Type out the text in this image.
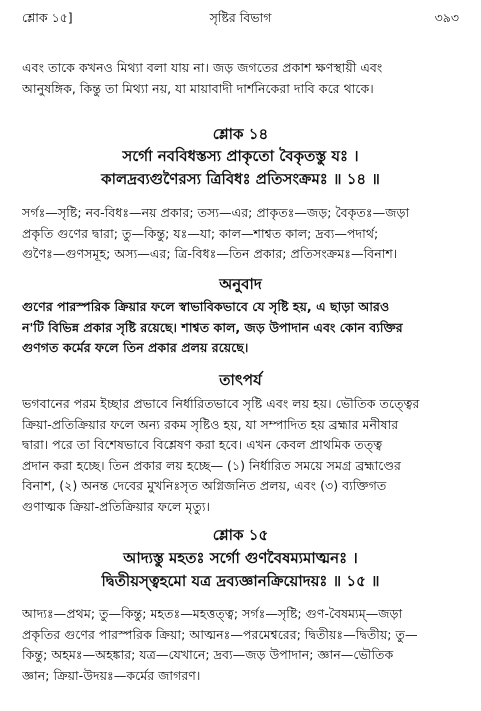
শ্লোক ১৫]	সৃষ্টির বিভাগ	৩৯৩
এবং তাকে কখনও মিথ্যা বলা যায় না। জড় জগতের প্রকাশ ক্ষণস্থায়ী এবং
আনুষঙ্গিক, কিন্তু তা মিথ্যা নয়, যা মায়াবাদী দার্শনিকেরা দাবি করে থাকে।
শ্লোক ১৪
সর্গো নববিধস্তস্য প্রাকৃতো বৈকৃতস্তু যঃ ।
কালদ্রব্যগুণৈরস্য ত্রিবিধঃ প্রতিসংক্রমঃ ॥ ১৪ ॥
সর্গঃ—সৃষ্টি; নব-বিধঃ—নয় প্রকার; তস্য—এর; প্রাকৃতঃ—জড়; বৈকৃতঃ—জড়া
প্রকৃতি গুণের দ্বারা; তু—কিন্তু; যঃ—যা; কাল—শাশ্বত কাল; দ্রব্য—পদার্থ;
গুণৈঃ—গুণসমূহ; অস্য—এর; ত্রি-বিধঃ—তিন প্রকার; প্রতিসংক্রমঃ—বিনাশ।
অনুবাদ
গুণের পারস্পরিক ক্রিয়ার ফলে স্বাভাবিকভাবে যে সৃষ্টি হয়, এ ছাড়া আরও
ন'টি বিভিন্ন প্রকার সৃষ্টি রয়েছে। শাশ্বত কাল, জড় উপাদান এবং কোন ব্যক্তির
গুণগত কর্মের ফলে তিন প্রকার প্রলয় রয়েছে।
তাৎপর্য
ভগবানের পরম ইচ্ছার প্রভাবে নির্ধারিতভাবে সৃষ্টি এবং লয় হয়। ভৌতিক তত্ত্বের
ক্রিয়া-প্রতিক্রিয়ার ফলে অন্য রকম সৃষ্টিও হয়, যা সম্পাদিত হয় ব্রহ্মার মনীষার
দ্বারা। পরে তা বিশেষভাবে বিশ্লেষণ করা হবে। এখন কেবল প্রাথমিক তত্ত্ব
প্রদান করা হচ্ছে। তিন প্রকার লয় হচ্ছে— (১) নির্ধারিত সময়ে সমগ্র ব্রহ্মাণ্ডের
বিনাশ, (২) অনন্ত দেবের মুখনিঃসৃত অগ্নিজনিত প্রলয়, এবং (৩) ব্যক্তিগত
গুণাত্মক ক্রিয়া-প্রতিক্রিয়ার ফলে মৃত্যু।
শ্লোক ১৫
আদ্যস্তু মহতঃ সর্গো গুণবৈষম্যমাত্মনঃ ।
দ্বিতীয়স্ত্বহমো যত্র দ্রব্যজ্ঞানক্রিয়োদয়ঃ ॥ ১৫ ॥
আদ্যঃ—প্রথম; তু—কিন্তু; মহতঃ—মহত্তত্ত্ব; সর্গঃ—সৃষ্টি; গুণ-বৈষম্যম্—জড়া
প্রকৃতির গুণের পারস্পরিক ক্রিয়া; আত্মনঃ—পরমেশ্বরের; দ্বিতীয়ঃ—দ্বিতীয়; তু—
কিন্তু; অহমঃ—অহঙ্কার; যত্র—যেখানে; দ্রব্য—জড় উপাদান; জ্ঞান—ভৌতিক
জ্ঞান; ক্রিয়া-উদয়ঃ—কর্মের জাগরণ।
